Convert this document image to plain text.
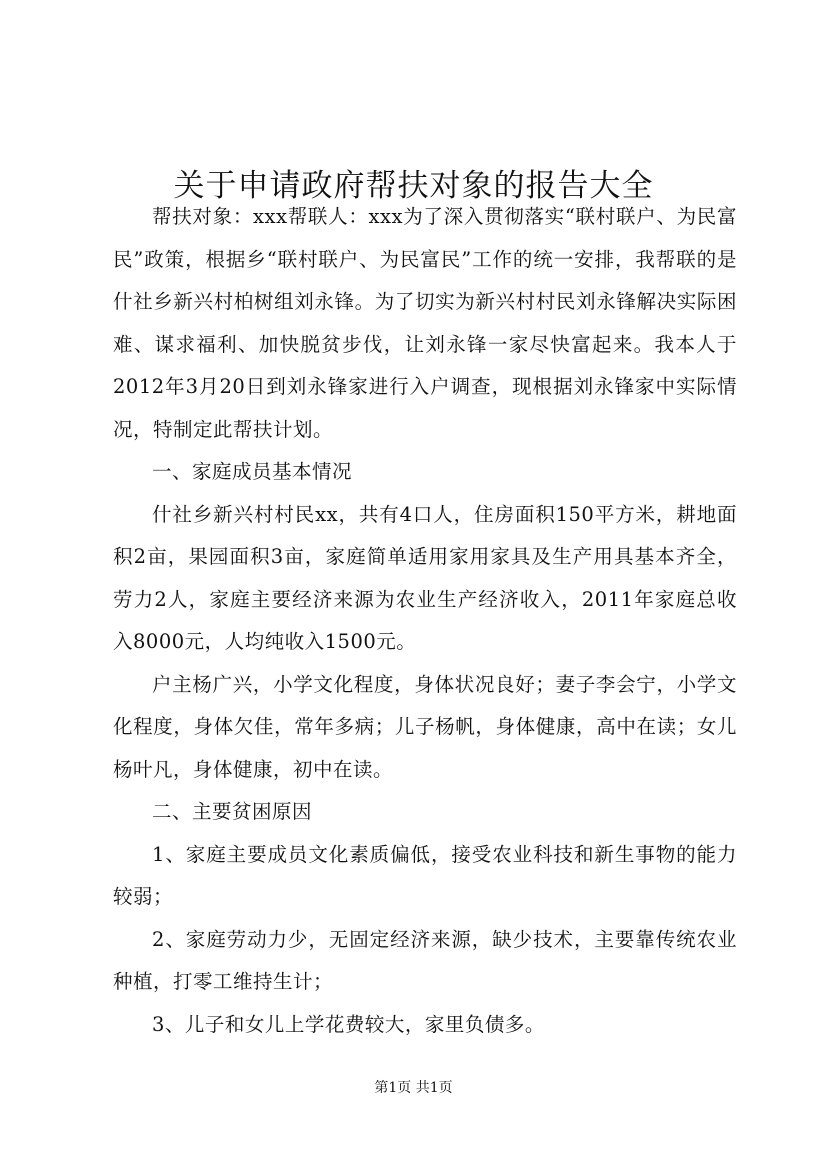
关于申请政府帮扶对象的报告大全

帮扶对象：xxx帮联人：xxx为了深入贯彻落实“联村联户、为民富民”政策，根据乡“联村联户、为民富民”工作的统一安排，我帮联的是什社乡新兴村柏树组刘永锋。为了切实为新兴村村民刘永锋解决实际困难、谋求福利、加快脱贫步伐，让刘永锋一家尽快富起来。我本人于2012年3月20日到刘永锋家进行入户调查，现根据刘永锋家中实际情况，特制定此帮扶计划。

一、家庭成员基本情况

什社乡新兴村村民xx，共有4口人，住房面积150平方米，耕地面积2亩，果园面积3亩，家庭简单适用家用家具及生产用具基本齐全，劳力2人，家庭主要经济来源为农业生产经济收入，2011年家庭总收入8000元，人均纯收入1500元。

户主杨广兴，小学文化程度，身体状况良好；妻子李会宁，小学文化程度，身体欠佳，常年多病；儿子杨帆，身体健康，高中在读；女儿杨叶凡，身体健康，初中在读。

二、主要贫困原因

1、家庭主要成员文化素质偏低，接受农业科技和新生事物的能力较弱；

2、家庭劳动力少，无固定经济来源，缺少技术，主要靠传统农业种植，打零工维持生计；

3、儿子和女儿上学花费较大，家里负债多。

第1页 共1页
